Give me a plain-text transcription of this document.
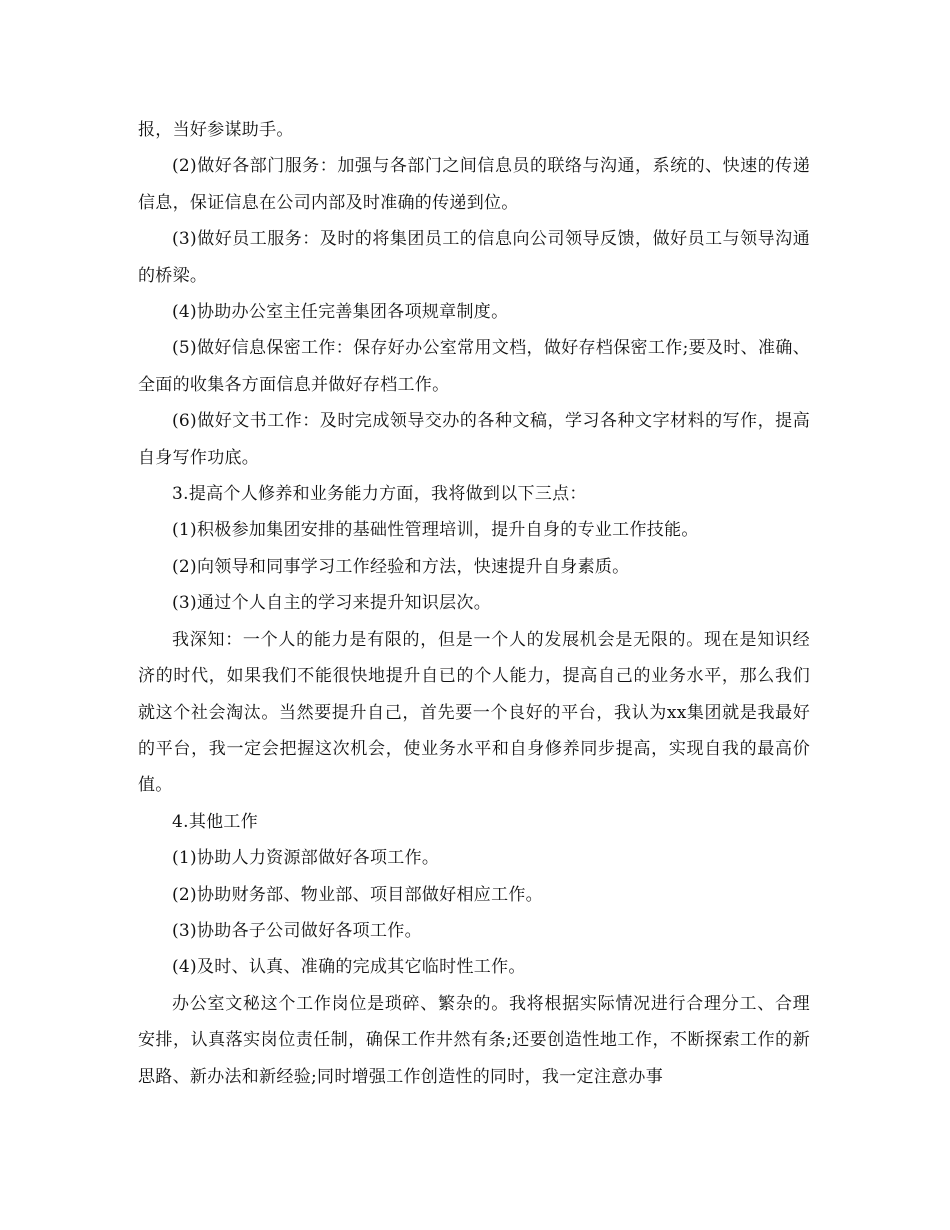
报，当好参谋助手。

(2)做好各部门服务：加强与各部门之间信息员的联络与沟通，系统的、快速的传递信息，保证信息在公司内部及时准确的传递到位。

(3)做好员工服务：及时的将集团员工的信息向公司领导反馈，做好员工与领导沟通的桥梁。

(4)协助办公室主任完善集团各项规章制度。

(5)做好信息保密工作：保存好办公室常用文档，做好存档保密工作;要及时、准确、全面的收集各方面信息并做好存档工作。

(6)做好文书工作：及时完成领导交办的各种文稿，学习各种文字材料的写作，提高自身写作功底。

3.提高个人修养和业务能力方面，我将做到以下三点：

(1)积极参加集团安排的基础性管理培训，提升自身的专业工作技能。

(2)向领导和同事学习工作经验和方法，快速提升自身素质。

(3)通过个人自主的学习来提升知识层次。

我深知：一个人的能力是有限的，但是一个人的发展机会是无限的。现在是知识经济的时代，如果我们不能很快地提升自已的个人能力，提高自己的业务水平，那么我们就这个社会淘汰。当然要提升自己，首先要一个良好的平台，我认为xx集团就是我最好的平台，我一定会把握这次机会，使业务水平和自身修养同步提高，实现自我的最高价值。

4.其他工作

(1)协助人力资源部做好各项工作。

(2)协助财务部、物业部、项目部做好相应工作。

(3)协助各子公司做好各项工作。

(4)及时、认真、准确的完成其它临时性工作。

办公室文秘这个工作岗位是琐碎、繁杂的。我将根据实际情况进行合理分工、合理安排，认真落实岗位责任制，确保工作井然有条;还要创造性地工作，不断探索工作的新思路、新办法和新经验;同时增强工作创造性的同时，我一定注意办事
